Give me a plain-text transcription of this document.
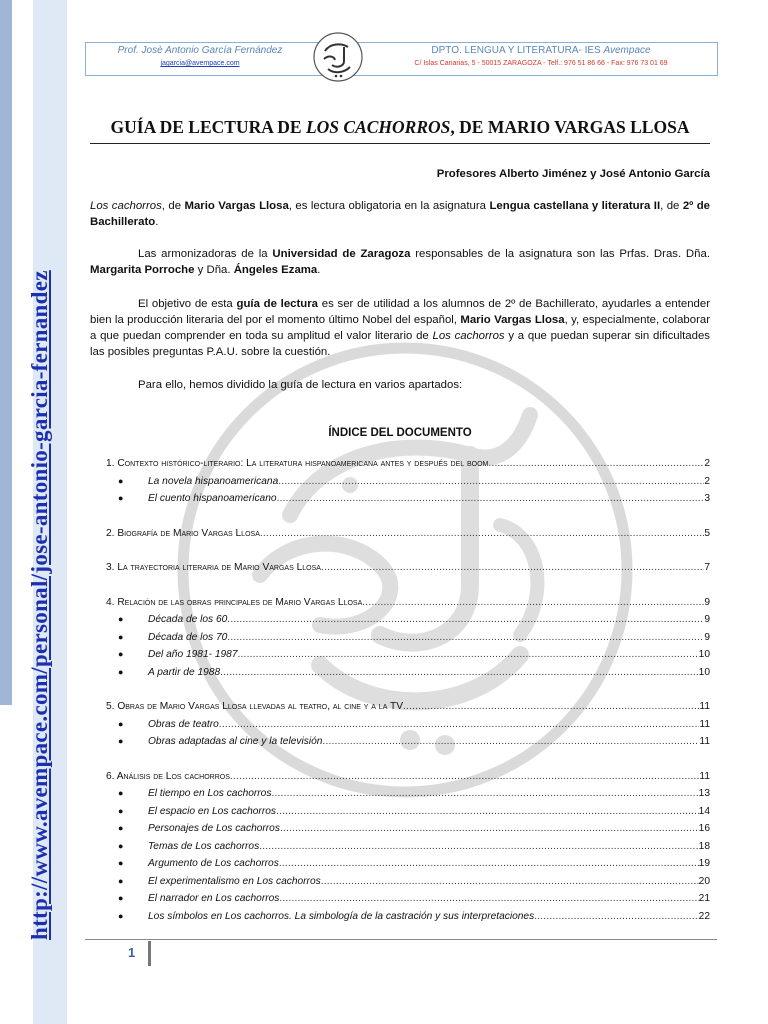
http://www.avempace.com/personal/jose-antonio-garcia-fernandez
Prof. Josè Antonio García Fernández
jagarcia@avempace.com
DPTO. LENGUA Y LITERATURA- IES Avempace
C/ Islas Canarias, 5 - 50015 ZARAGOZA - Telf.: 976 51 86 66 - Fax: 976 73 01 69
GUÍA DE LECTURA DE LOS CACHORROS, DE MARIO VARGAS LLOSA
Profesores Alberto Jiménez y José Antonio García
Los cachorros, de Mario Vargas Llosa, es lectura obligatoria en la asignatura Lengua castellana y literatura II, de 2º de Bachillerato.
Las armonizadoras de la Universidad de Zaragoza responsables de la asignatura son las Prfas. Dras. Dña. Margarita Porroche y Dña. Ángeles Ezama.
El objetivo de esta guía de lectura es ser de utilidad a los alumnos de 2º de Bachillerato, ayudarles a entender bien la producción literaria del por el momento último Nobel del español, Mario Vargas Llosa, y, especialmente, colaborar a que puedan comprender en toda su amplitud el valor literario de Los cachorros y a que puedan superar sin dificultades las posibles preguntas P.A.U. sobre la cuestión.
Para ello, hemos dividido la guía de lectura en varios apartados:
ÍNDICE DEL DOCUMENTO
1. Contexto histórico-literario: La literatura hispanoamericana antes y después del boom .....	2
● La novela hispanoamericana .....	2
● El cuento hispanoamericano .....	3
2. Biografía de Mario Vargas Llosa .....	5
3. La trayectoria literaria de Mario Vargas Llosa .....	7
4. Relación de las obras principales de Mario Vargas Llosa .....	9
● Década de los 60 .....	9
● Década de los 70 .....	9
● Del año 1981- 1987 .....	10
● A partir de 1988 .....	10
5. Obras de Mario Vargas Llosa llevadas al teatro, al cine y a la TV .....	11
● Obras de teatro .....	11
● Obras adaptadas al cine y la televisión .....	11
6. Análisis de Los cachorros .....	11
● El tiempo en Los cachorros .....	13
● El espacio en Los cachorros .....	14
● Personajes de Los cachorros .....	16
● Temas de Los cachorros .....	18
● Argumento de Los cachorros .....	19
● El experimentalismo en Los cachorros .....	20
● El narrador en Los cachorros .....	21
● Los símbolos en Los cachorros. La simbología de la castración y sus interpretaciones .....	22
1
